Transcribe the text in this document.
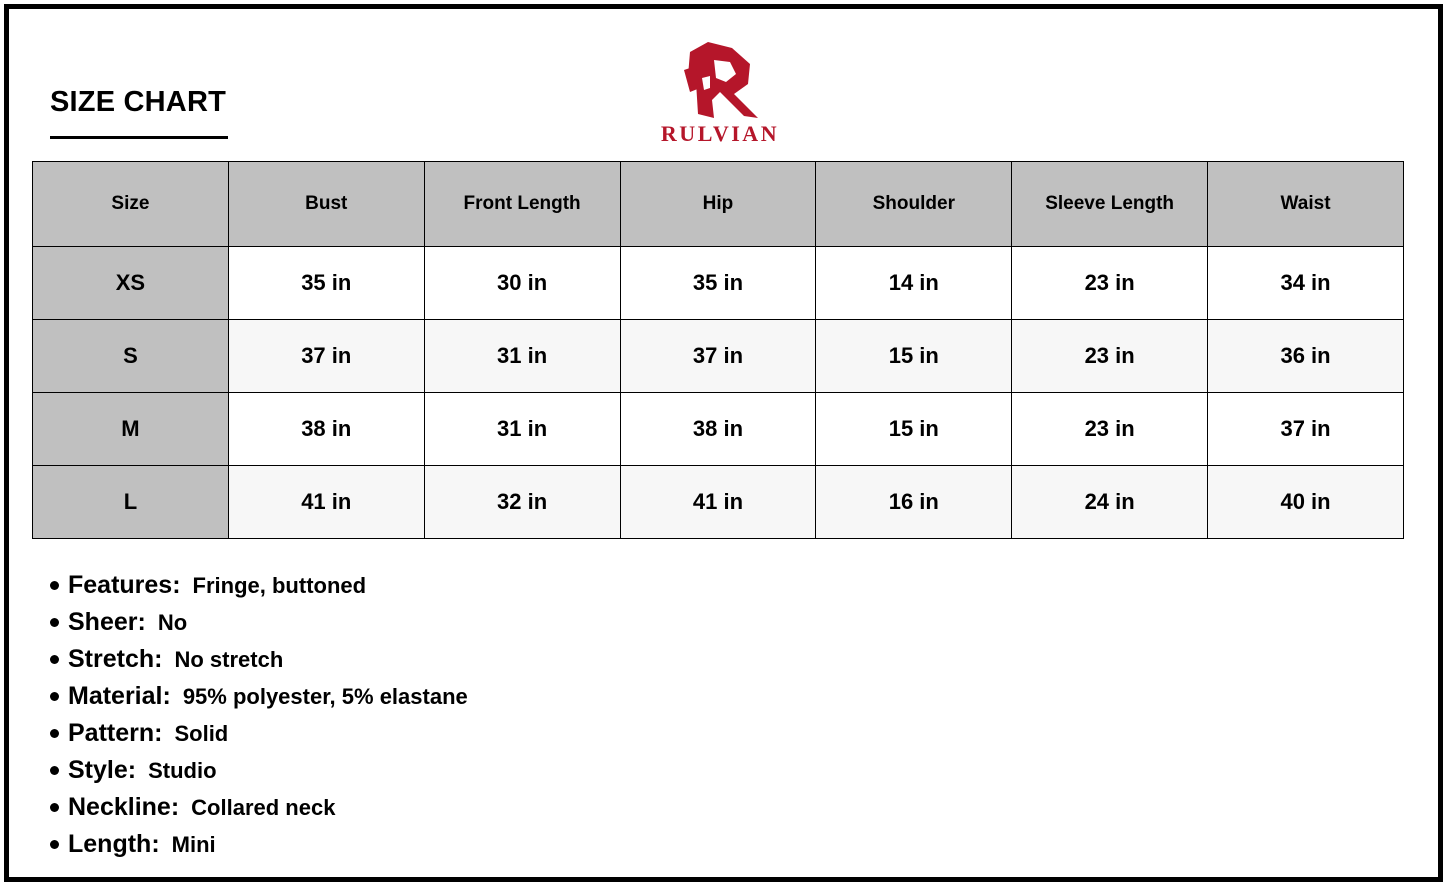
SIZE CHART
RULVIAN
Size	Bust	Front Length	Hip	Shoulder	Sleeve Length	Waist
XS	35 in	30 in	35 in	14 in	23 in	34 in
S	37 in	31 in	37 in	15 in	23 in	36 in
M	38 in	31 in	38 in	15 in	23 in	37 in
L	41 in	32 in	41 in	16 in	24 in	40 in
Features: Fringe, buttoned
Sheer: No
Stretch: No stretch
Material: 95% polyester, 5% elastane
Pattern: Solid
Style: Studio
Neckline: Collared neck
Length: Mini
